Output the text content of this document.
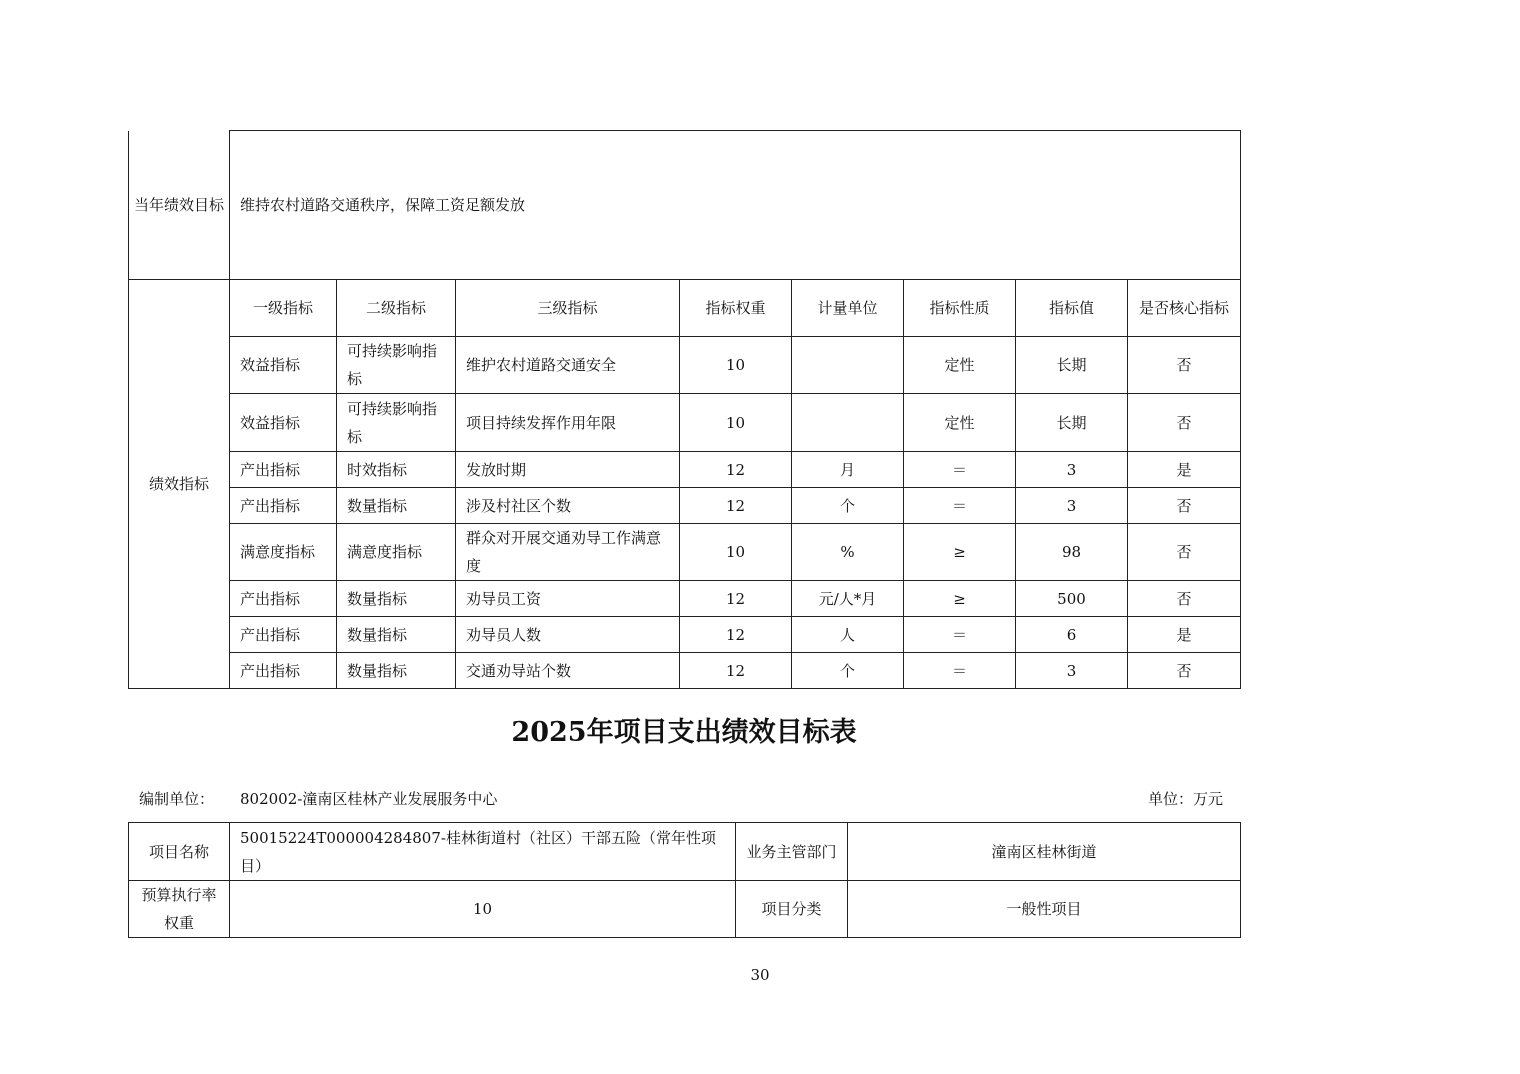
当年绩效目标	维持农村道路交通秩序，保障工资足额发放							
绩效指标	一级指标	二级指标	三级指标	指标权重	计量单位	指标性质	指标值	是否核心指标
	效益指标	可持续影响指标	维护农村道路交通安全	10		定性	长期	否
	效益指标	可持续影响指标	项目持续发挥作用年限	10		定性	长期	否
	产出指标	时效指标	发放时期	12	月	＝	3	是
	产出指标	数量指标	涉及村社区个数	12	个	＝	3	否
	满意度指标	满意度指标	群众对开展交通劝导工作满意度	10	%	≥	98	否
	产出指标	数量指标	劝导员工资	12	元/人*月	≥	500	否
	产出指标	数量指标	劝导员人数	12	人	＝	6	是
	产出指标	数量指标	交通劝导站个数	12	个	＝	3	否
2025年项目支出绩效目标表
编制单位： 802002-潼南区桂林产业发展服务中心	单位：万元
项目名称	50015224T000004284807-桂林街道村（社区）干部五险（常年性项目）	业务主管部门	潼南区桂林街道
预算执行率权重	10	项目分类	一般性项目
30
